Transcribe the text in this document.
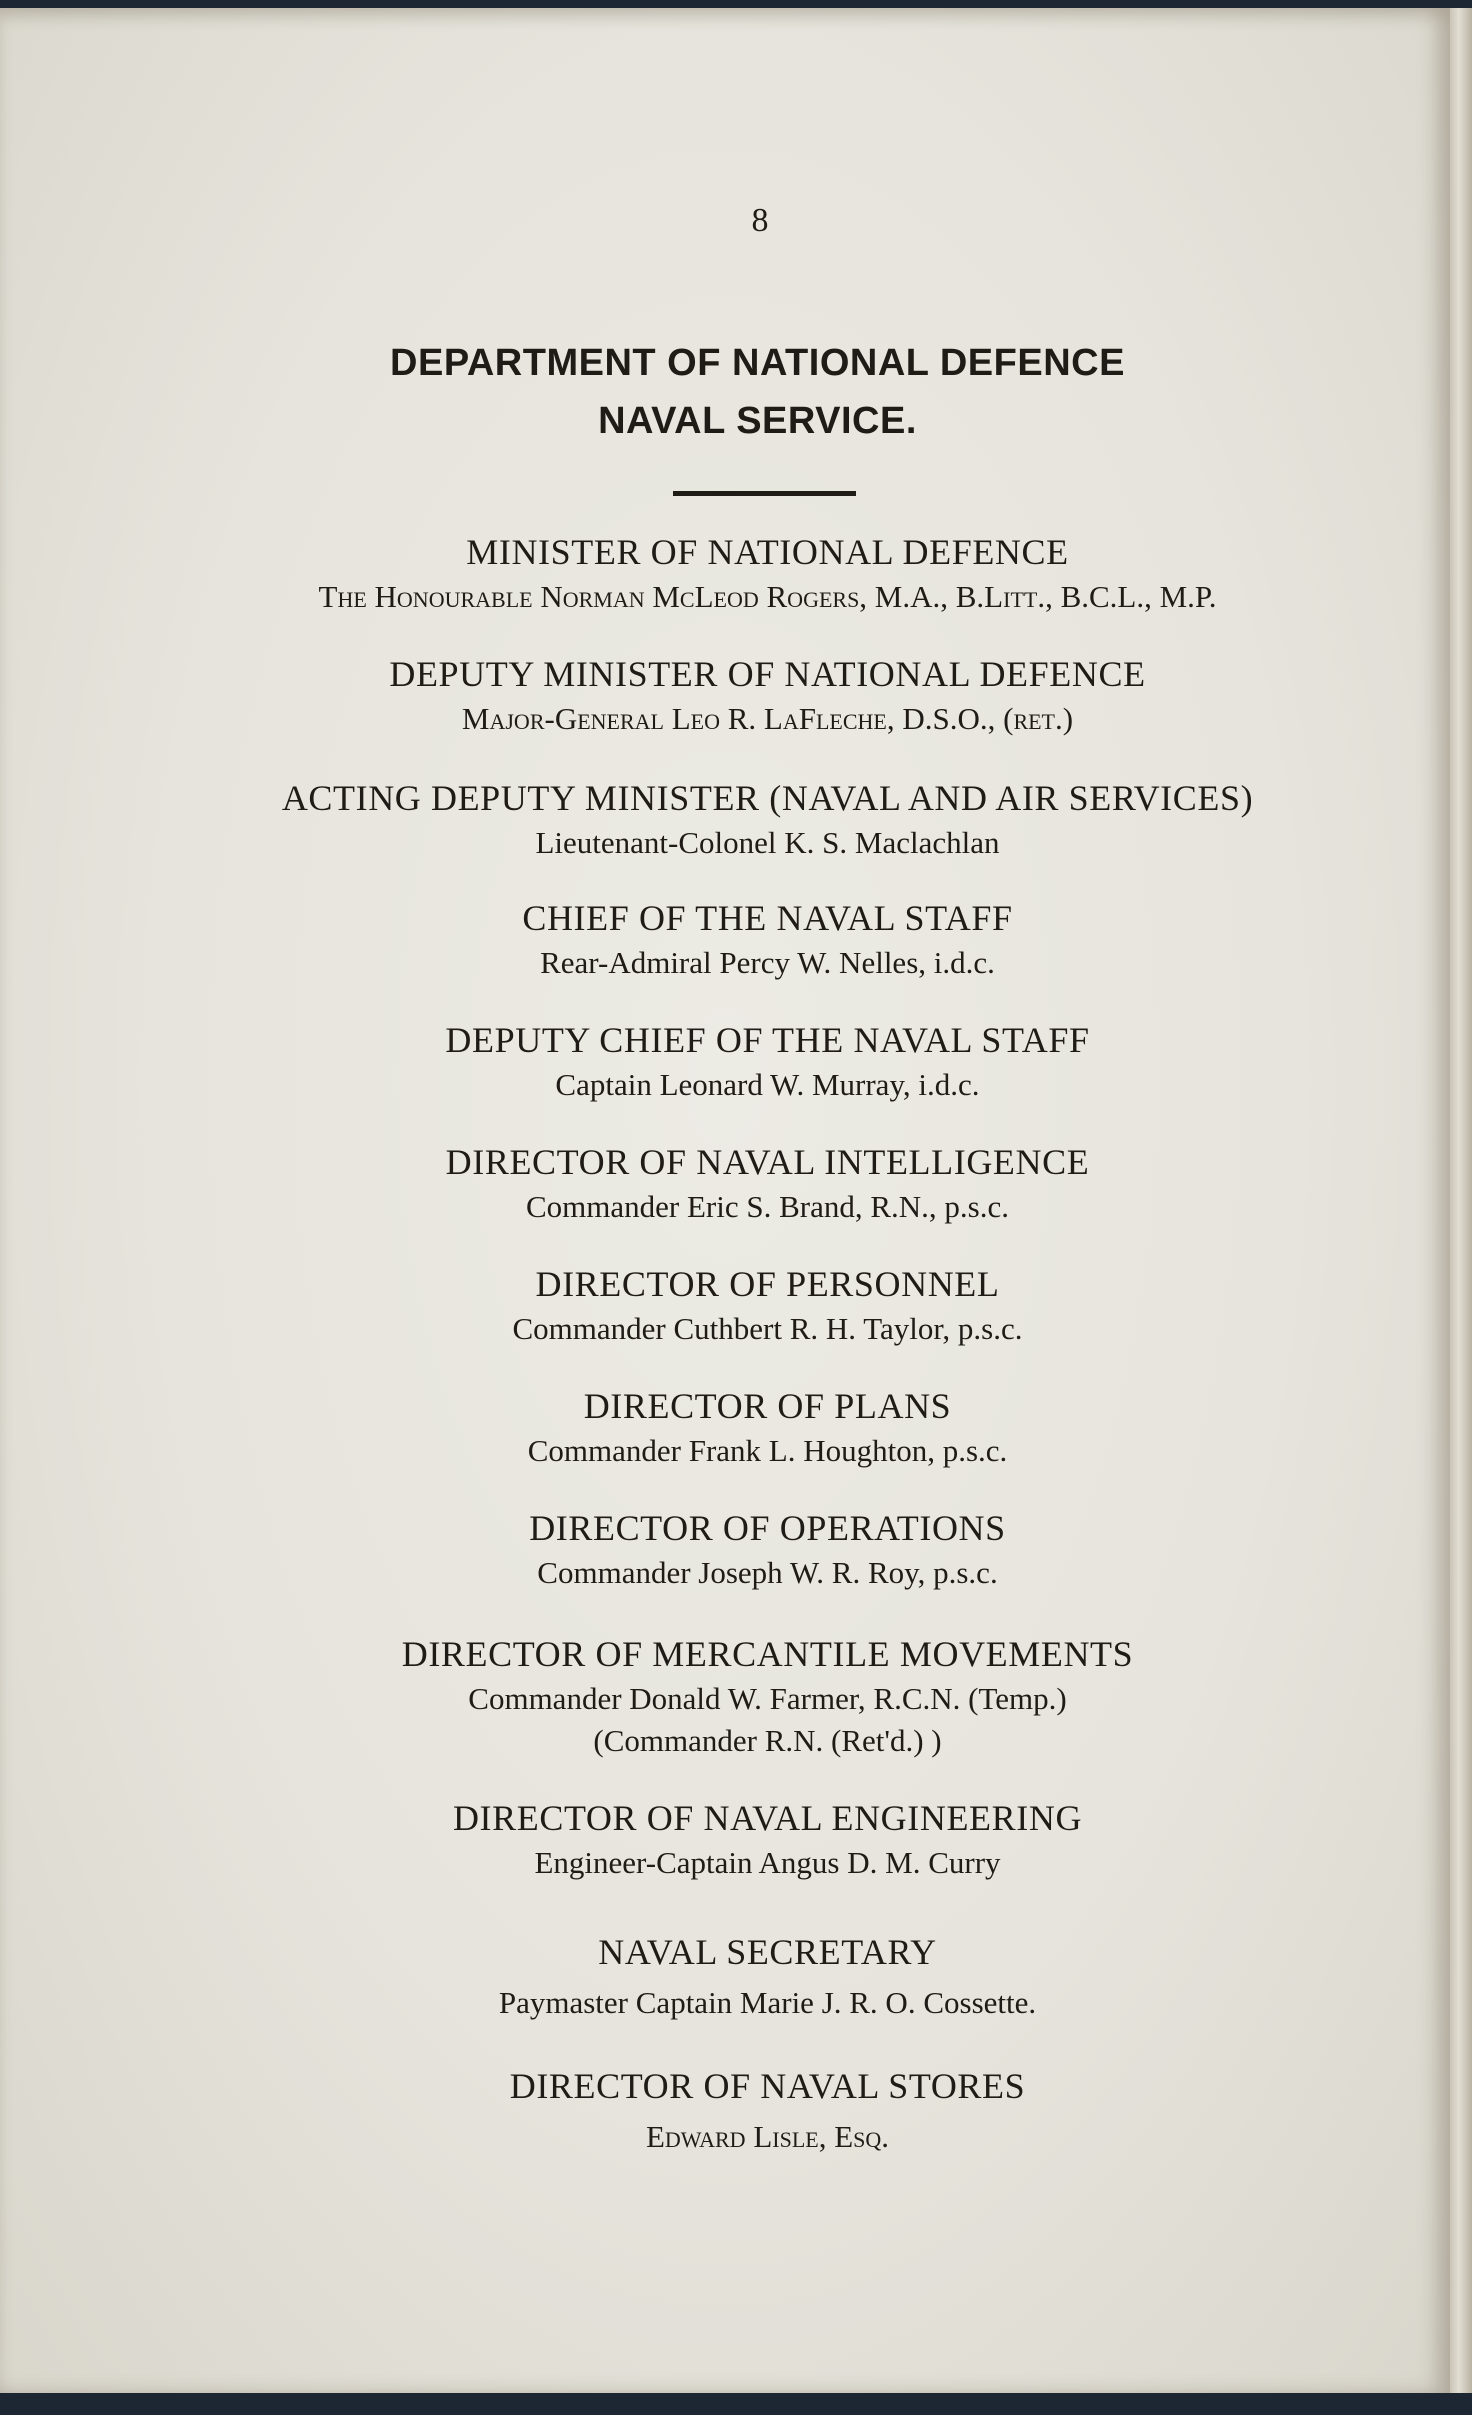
8
DEPARTMENT OF NATIONAL DEFENCE
NAVAL SERVICE.
MINISTER OF NATIONAL DEFENCE
The Honourable Norman McLeod Rogers, M.A., B.Litt., B.C.L., M.P.
DEPUTY MINISTER OF NATIONAL DEFENCE
Major-General Leo R. LaFleche, D.S.O., (ret.)
ACTING DEPUTY MINISTER (NAVAL AND AIR SERVICES)
Lieutenant-Colonel K. S. Maclachlan
CHIEF OF THE NAVAL STAFF
Rear-Admiral Percy W. Nelles, i.d.c.
DEPUTY CHIEF OF THE NAVAL STAFF
Captain Leonard W. Murray, i.d.c.
DIRECTOR OF NAVAL INTELLIGENCE
Commander Eric S. Brand, R.N., p.s.c.
DIRECTOR OF PERSONNEL
Commander Cuthbert R. H. Taylor, p.s.c.
DIRECTOR OF PLANS
Commander Frank L. Houghton, p.s.c.
DIRECTOR OF OPERATIONS
Commander Joseph W. R. Roy, p.s.c.
DIRECTOR OF MERCANTILE MOVEMENTS
Commander Donald W. Farmer, R.C.N. (Temp.)
(Commander R.N. (Ret'd.) )
DIRECTOR OF NAVAL ENGINEERING
Engineer-Captain Angus D. M. Curry
NAVAL SECRETARY
Paymaster Captain Marie J. R. O. Cossette.
DIRECTOR OF NAVAL STORES
Edward Lisle, Esq.
